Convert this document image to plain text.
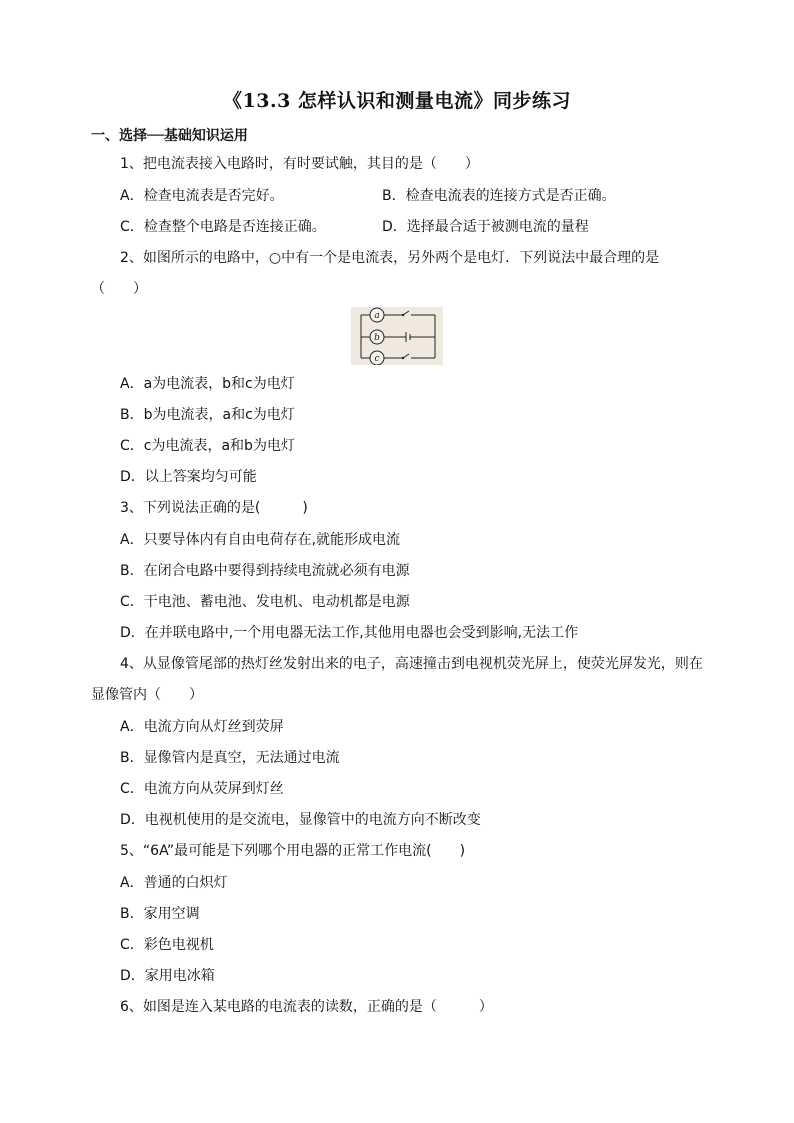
《13.3 怎样认识和测量电流》同步练习
一、选择──基础知识运用
1、把电流表接入电路时，有时要试触，其目的是（　　）
A．检查电流表是否完好。	B．检查电流表的连接方式是否正确。
C．检查整个电路是否连接正确。	D．选择最合适于被测电流的量程
2、如图所示的电路中，○中有一个是电流表，另外两个是电灯．下列说法中最合理的是
（　　）
a
b
c
A．a为电流表，b和c为电灯
B．b为电流表，a和c为电灯
C．c为电流表，a和b为电灯
D．以上答案均匀可能
3、下列说法正确的是(　　　)
A．只要导体内有自由电荷存在,就能形成电流
B．在闭合电路中要得到持续电流就必须有电源
C．干电池、蓄电池、发电机、电动机都是电源
D．在并联电路中,一个用电器无法工作,其他用电器也会受到影响,无法工作
4、从显像管尾部的热灯丝发射出来的电子，高速撞击到电视机荧光屏上，使荧光屏发光，则在
显像管内（　　）
A．电流方向从灯丝到荧屏
B．显像管内是真空，无法通过电流
C．电流方向从荧屏到灯丝
D．电视机使用的是交流电，显像管中的电流方向不断改变
5、“6A”最可能是下列哪个用电器的正常工作电流(　　)
A．普通的白炽灯
B．家用空调
C．彩色电视机
D．家用电冰箱
6、如图是连入某电路的电流表的读数，正确的是（　　　）
